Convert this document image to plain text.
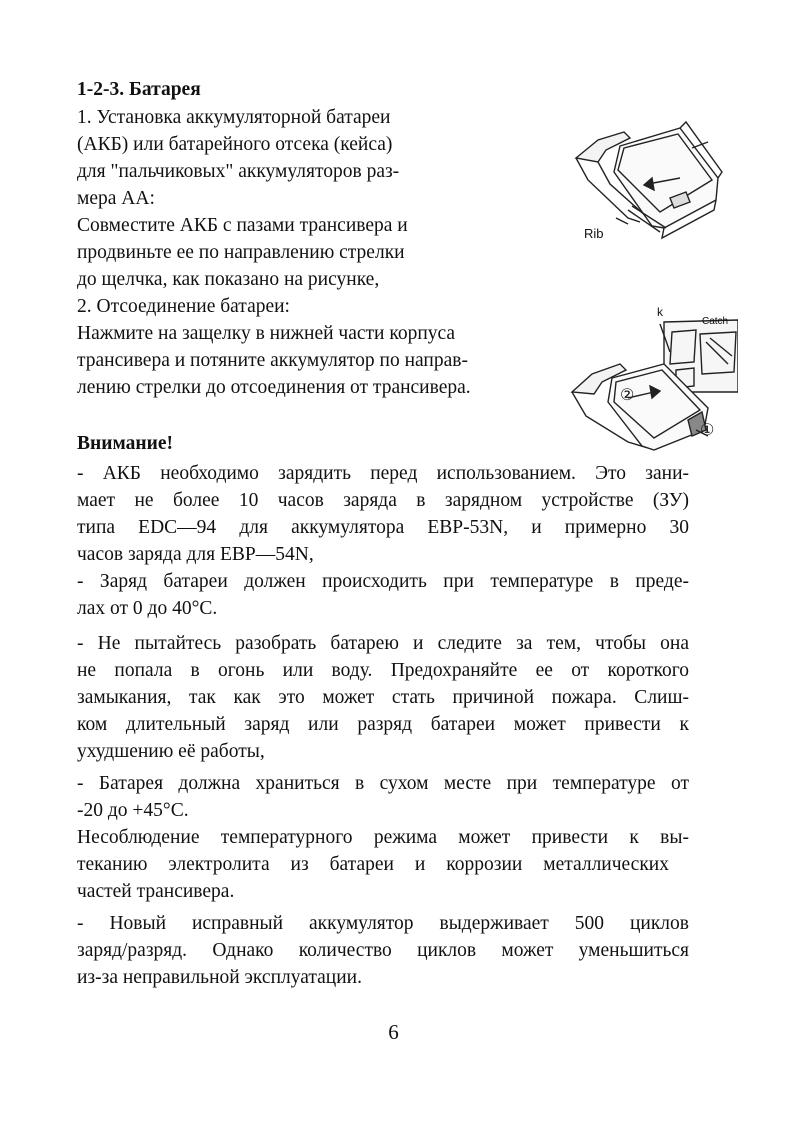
1-2-3. Батарея

1. Установка аккумуляторной батареи

(АКБ) или батарейного отсека (кейса)

для "пальчиковых" аккумуляторов раз-

мера АА:

Совместите АКБ с пазами трансивера и

продвиньте ее по направлению стрелки

до щелчка, как показано на рисунке,

2. Отсоединение батареи:

Нажмите на защелку в нижней части корпуса

трансивера и потяните аккумулятор по направ-

лению стрелки до отсоединения от трансивера.

Rib
k
Catch
②
①

Внимание!

- АКБ необходимо зарядить перед использованием. Это зани-

мает не более 10 часов заряда в зарядном устройстве (ЗУ)

типа EDC—94 для аккумулятора EBP-53N, и примерно 30

часов заряда для EBP—54N,

- Заряд батареи должен происходить при температуре в преде-

лах от 0 до 40°С.

- Не пытайтесь разобрать батарею и следите за тем, чтобы она

не попала в огонь или воду. Предохраняйте ее от короткого

замыкания, так как это может стать причиной пожара. Слиш-

ком длительный заряд или разряд батареи может привести к

ухудшению её работы,

- Батарея должна храниться в сухом месте при температуре от

-20 до +45°С.

Несоблюдение температурного режима может привести к вы-

теканию электролита из батареи и коррозии металлических

частей трансивера.

- Новый исправный аккумулятор выдерживает 500 циклов

заряд/разряд. Однако количество циклов может уменьшиться

из-за неправильной эксплуатации.

6
